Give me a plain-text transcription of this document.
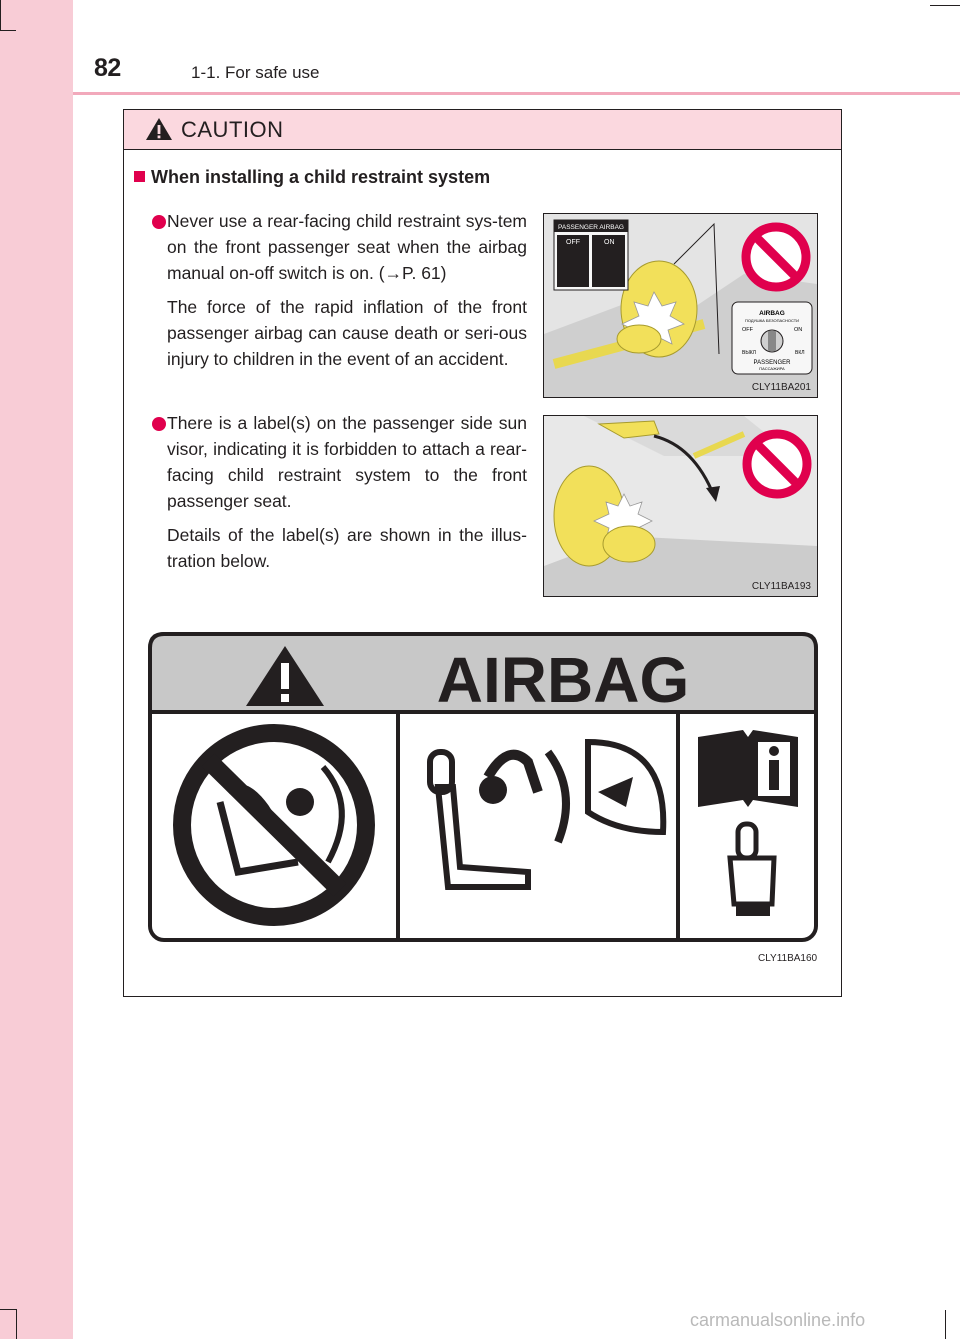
82	1-1. For safe use
CAUTION
When installing a child restraint system
Never use a rear-facing child restraint sys-tem on the front passenger seat when the airbag manual on-off switch is on. (→P. 61)
The force of the rapid inflation of the front passenger airbag can cause death or seri-ous injury to children in the event of an accident.
There is a label(s) on the passenger side sun visor, indicating it is forbidden to attach a rear-facing child restraint system to the front passenger seat.
Details of the label(s) are shown in the illus-tration below.
PASSENGER AIRBAG
OFF	ON
AIRBAG
ПОДУШКА БЕЗОПАСНОСТИ
OFF	ON
ВЫКЛ	ВКЛ
PASSENGER
ПАССАЖИРА
CLY11BA201
CLY11BA193
AIRBAG
CLY11BA160
carmanualsonline.info
